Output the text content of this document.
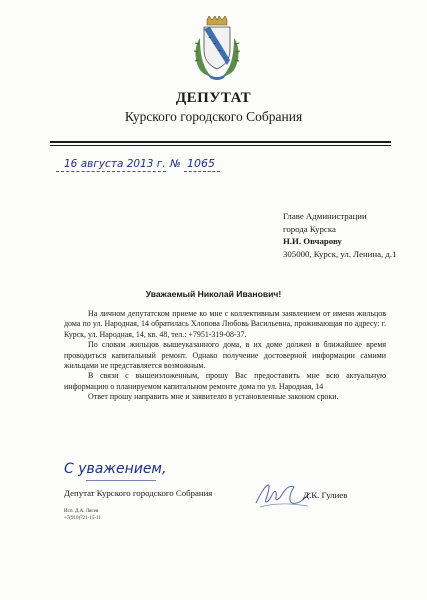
ДЕПУТАТ
Курского городского Собрания
16 августа 2013 г. № 1065
Главе Администрации
города Курска
Н.И. Овчарову
305000, Курск, ул. Ленина, д.1
Уважаемый Николай Иванович!

На личном депутатском приеме ко мне с коллективным заявлением от имени жильцов дома по ул. Народная, 14 обратилась Хлопова Любовь Васильевна, проживающая по адресу: г. Курск, ул. Народная, 14, кв. 48, тел.: +7951-319-08-37.

По словам жильцов вышеуказанного дома, в их доме должен в ближайшее время проводиться капитальный ремонт. Однако получение достоверной информации самими жильцами не представляется возможным.

В связи с вышеизложенным, прошу Вас предоставить мне всю актуальную информацию о планируемом капитальном ремонте дома по ул. Народная, 14

Ответ прошу направить мне и заявителю в установленные законом сроки.

С уважением,
Депутат Курского городского Собрания	Д.К. Гулиев
Исп. Д.А. Лясев
+7(910)721-15-11
